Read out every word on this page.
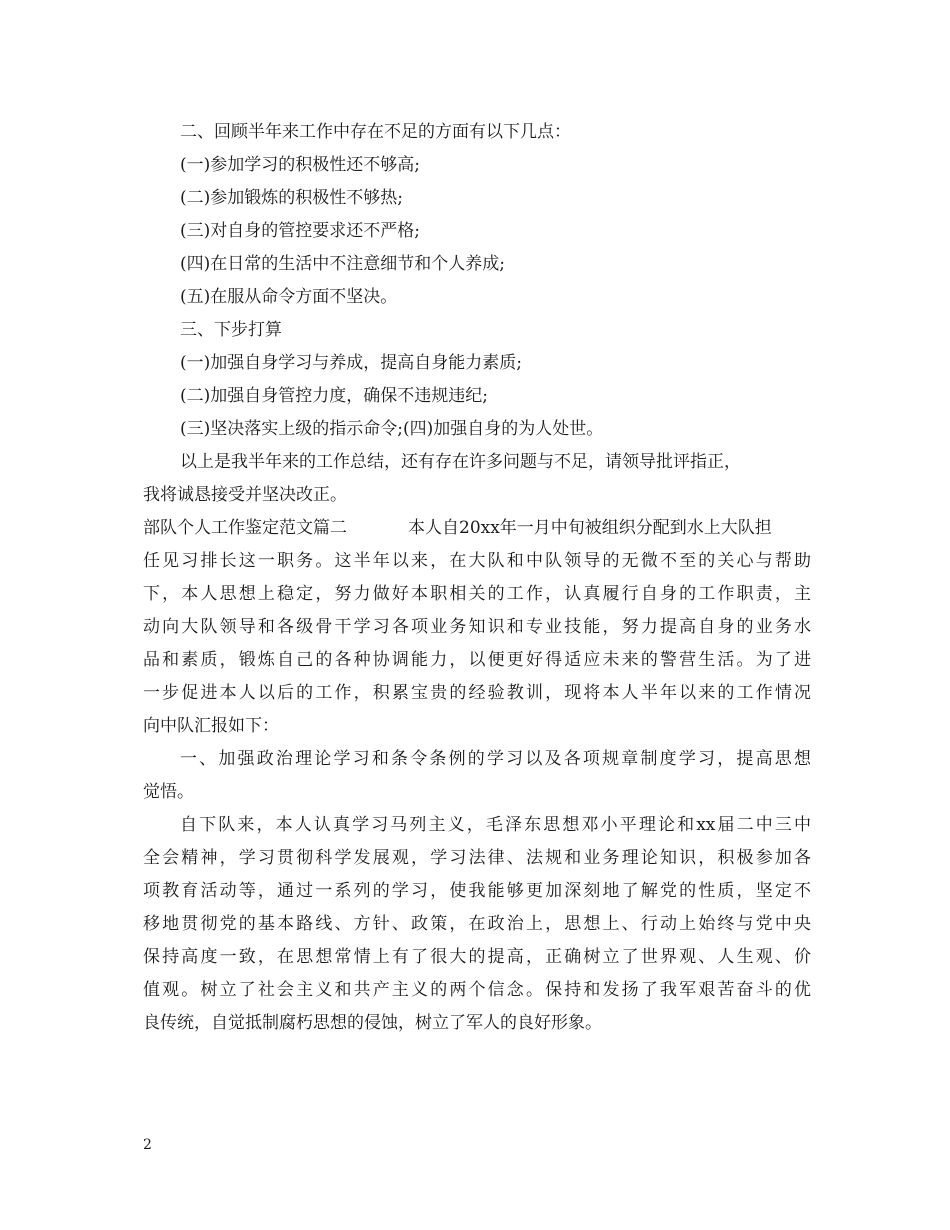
二、回顾半年来工作中存在不足的方面有以下几点：
(一)参加学习的积极性还不够高;
(二)参加锻炼的积极性不够热;
(三)对自身的管控要求还不严格;
(四)在日常的生活中不注意细节和个人养成;
(五)在服从命令方面不坚决。
三、下步打算
(一)加强自身学习与养成，提高自身能力素质;
(二)加强自身管控力度，确保不违规违纪;
(三)坚决落实上级的指示命令;(四)加强自身的为人处世。
以上是我半年来的工作总结，还有存在许多问题与不足，请领导批评指正，
我将诚恳接受并坚决改正。
部队个人工作鉴定范文篇二	本人自20xx年一月中旬被组织分配到水上大队担
任见习排长这一职务。这半年以来，在大队和中队领导的无微不至的关心与帮助
下，本人思想上稳定，努力做好本职相关的工作，认真履行自身的工作职责，主
动向大队领导和各级骨干学习各项业务知识和专业技能，努力提高自身的业务水
品和素质，锻炼自己的各种协调能力，以便更好得适应未来的警营生活。为了进
一步促进本人以后的工作，积累宝贵的经验教训，现将本人半年以来的工作情况
向中队汇报如下：
一、加强政治理论学习和条令条例的学习以及各项规章制度学习，提高思想
觉悟。
自下队来，本人认真学习马列主义，毛泽东思想邓小平理论和xx届二中三中
全会精神，学习贯彻科学发展观，学习法律、法规和业务理论知识，积极参加各
项教育活动等，通过一系列的学习，使我能够更加深刻地了解党的性质，坚定不
移地贯彻党的基本路线、方针、政策，在政治上，思想上、行动上始终与党中央
保持高度一致，在思想常情上有了很大的提高，正确树立了世界观、人生观、价
值观。树立了社会主义和共产主义的两个信念。保持和发扬了我军艰苦奋斗的优
良传统，自觉抵制腐朽思想的侵蚀，树立了军人的良好形象。
2
